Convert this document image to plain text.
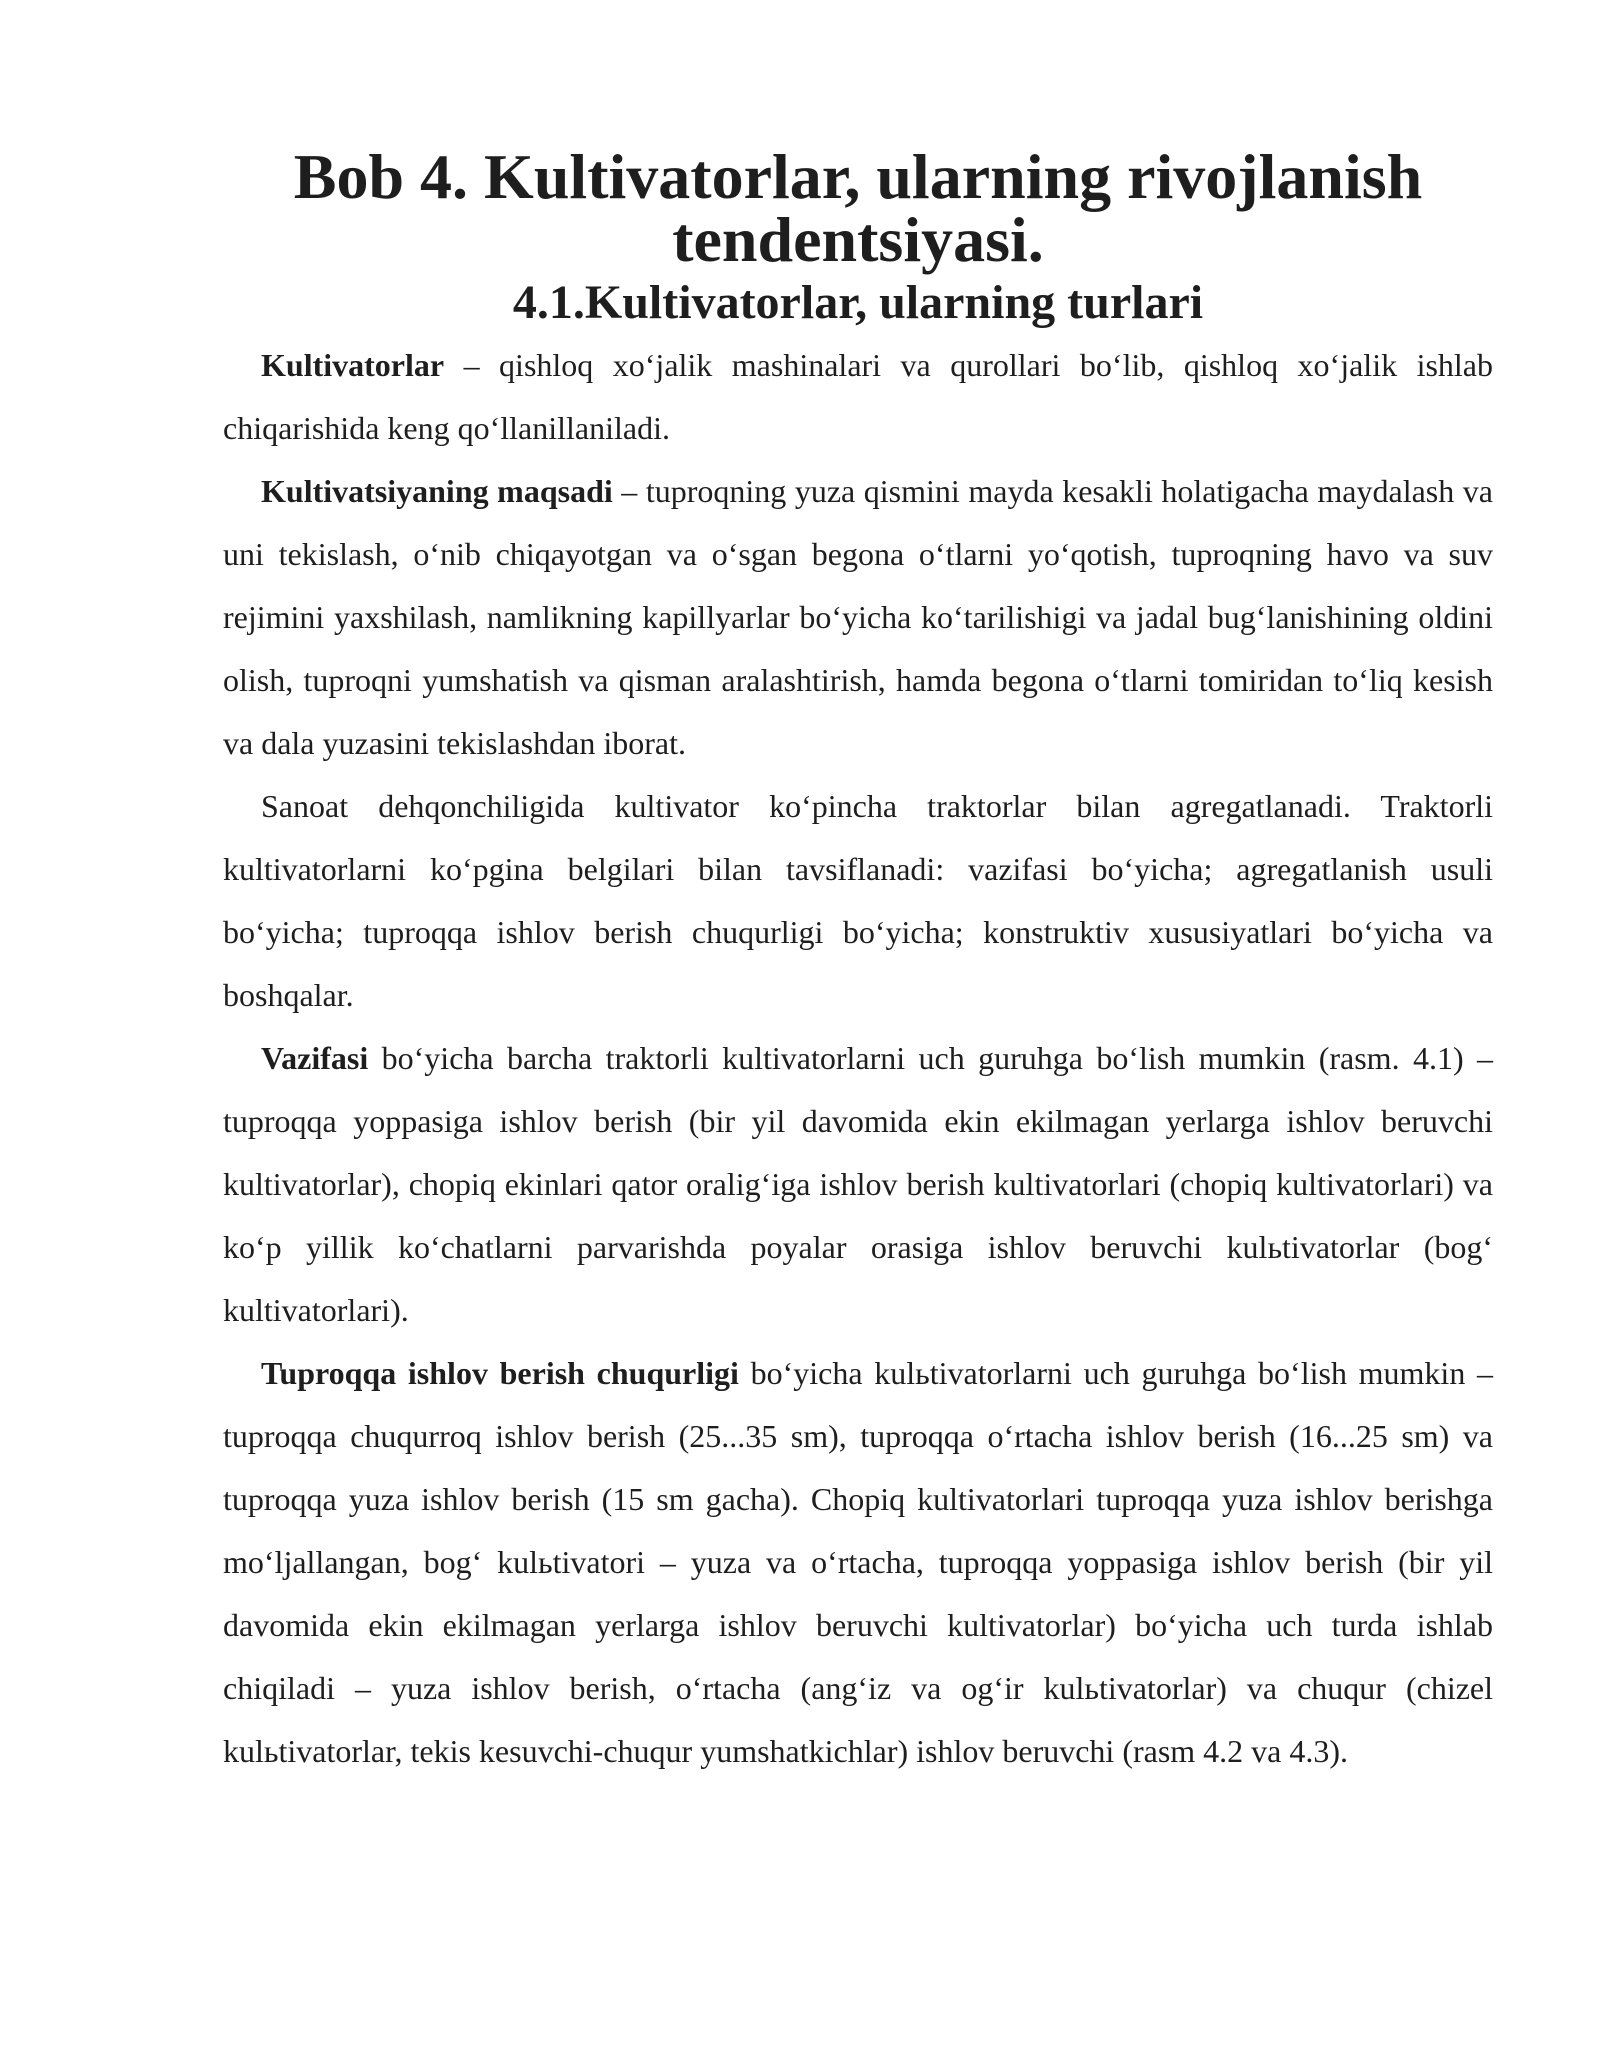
Bob 4. Kultivatorlar, ularning rivojlanish tendentsiyasi.
4.1.Kultivatorlar, ularning turlari

Kultivatorlar – qishloq xo‘jalik mashinalari va qurollari bo‘lib, qishloq xo‘jalik ishlab chiqarishida keng qo‘llanillaniladi.

Kultivatsiyaning maqsadi – tuproqning yuza qismini mayda kesakli holatigacha maydalash va uni tekislash, o‘nib chiqayotgan va o‘sgan begona o‘tlarni yo‘qotish, tuproqning havo va suv rejimini yaxshilash, namlikning kapillyarlar bo‘yicha ko‘tarilishigi va jadal bug‘lanishining oldini olish, tuproqni yumshatish va qisman aralashtirish, hamda begona o‘tlarni tomiridan to‘liq kesish va dala yuzasini tekislashdan iborat.

Sanoat dehqonchiligida kultivator ko‘pincha traktorlar bilan agregatlanadi. Traktorli kultivatorlarni ko‘pgina belgilari bilan tavsiflanadi: vazifasi bo‘yicha; agregatlanish usuli bo‘yicha; tuproqqa ishlov berish chuqurligi bo‘yicha; konstruktiv xususiyatlari bo‘yicha va boshqalar.

Vazifasi bo‘yicha barcha traktorli kultivatorlarni uch guruhga bo‘lish mumkin (rasm. 4.1) – tuproqqa yoppasiga ishlov berish (bir yil davomida ekin ekilmagan yerlarga ishlov beruvchi kultivatorlar), chopiq ekinlari qator oralig‘iga ishlov berish kultivatorlari (chopiq kultivatorlari) va ko‘p yillik ko‘chatlarni parvarishda poyalar orasiga ishlov beruvchi kulьtivatorlar (bog‘ kultivatorlari).

Tuproqqa ishlov berish chuqurligi bo‘yicha kulьtivatorlarni uch guruhga bo‘lish mumkin – tuproqqa chuqurroq ishlov berish (25...35 sm), tuproqqa o‘rtacha ishlov berish (16...25 sm) va tuproqqa yuza ishlov berish (15 sm gacha). Chopiq kultivatorlari tuproqqa yuza ishlov berishga mo‘ljallangan, bog‘ kulьtivatori – yuza va o‘rtacha, tuproqqa yoppasiga ishlov berish (bir yil davomida ekin ekilmagan yerlarga ishlov beruvchi kultivatorlar) bo‘yicha uch turda ishlab chiqiladi – yuza ishlov berish, o‘rtacha (ang‘iz va og‘ir kulьtivatorlar) va chuqur (chizel kulьtivatorlar, tekis kesuvchi-chuqur yumshatkichlar) ishlov beruvchi (rasm 4.2 va 4.3).
